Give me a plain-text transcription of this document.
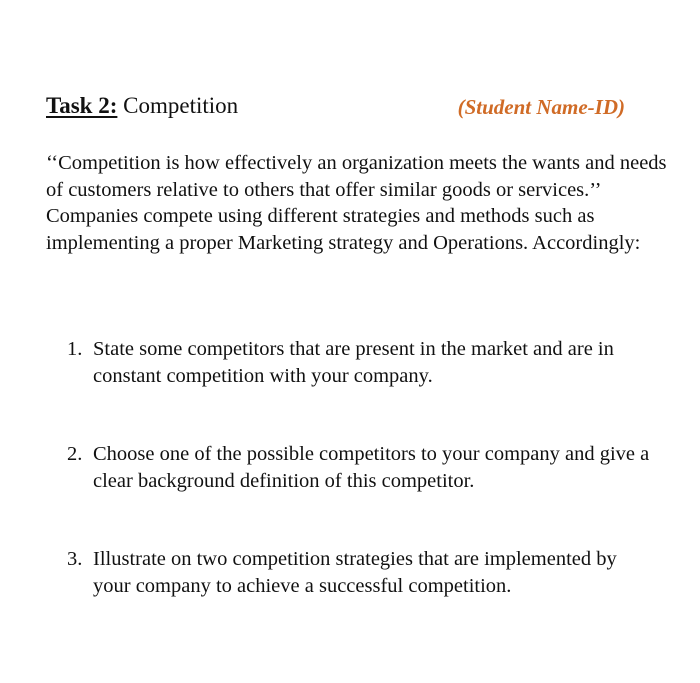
Task 2: Competition	(Student Name-ID)

‘‘Competition is how effectively an organization meets the wants and needs of customers relative to others that offer similar goods or services.’’

Companies compete using different strategies and methods such as implementing a proper Marketing strategy and Operations. Accordingly:

1. State some competitors that are present in the market and are in constant competition with your company.
2. Choose one of the possible competitors to your company and give a clear background definition of this competitor.
3. Illustrate on two competition strategies that are implemented by your company to achieve a successful competition.
